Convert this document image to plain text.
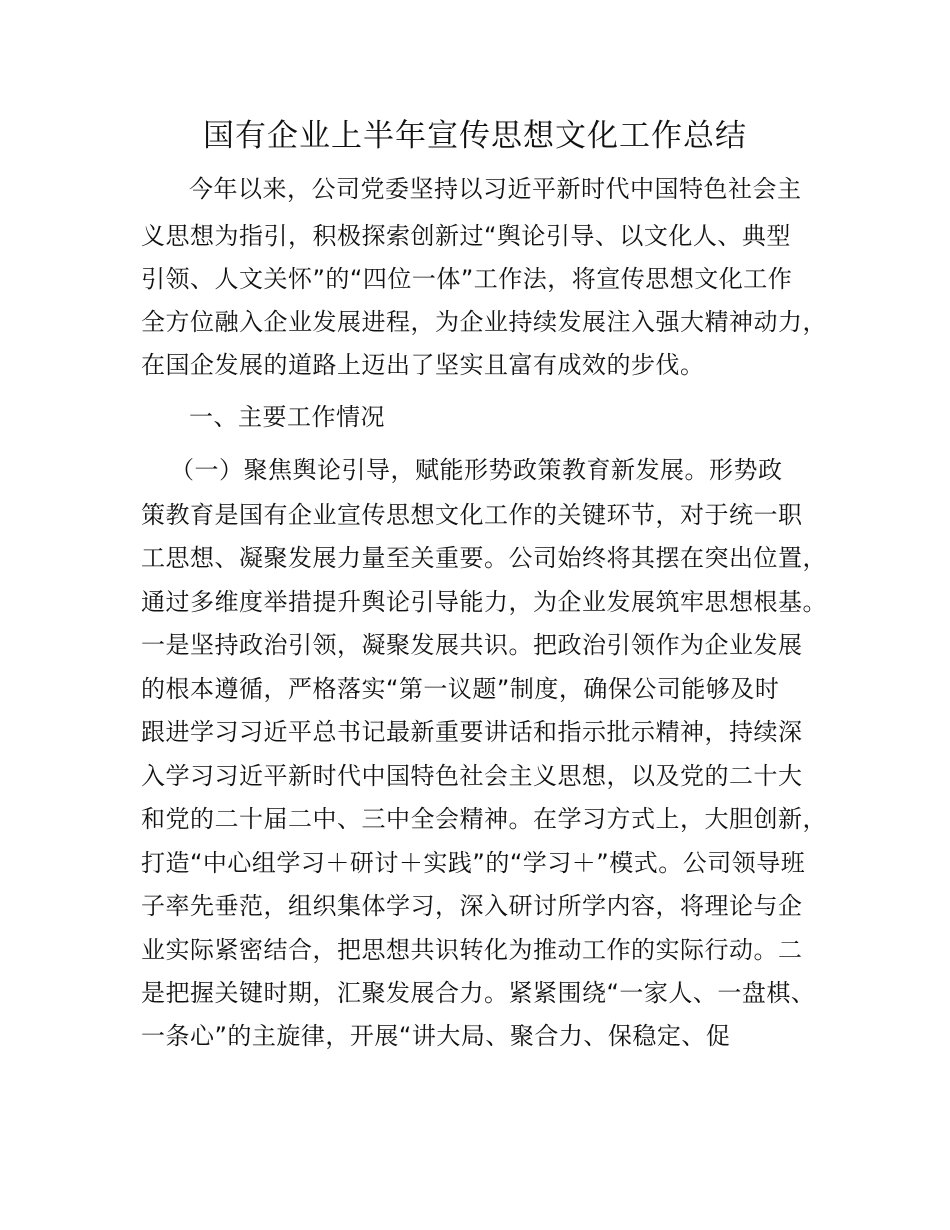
国有企业上半年宣传思想文化工作总结
今年以来，公司党委坚持以习近平新时代中国特色社会主
义思想为指引，积极探索创新过“舆论引导、以文化人、典型
引领、人文关怀”的“四位一体”工作法，将宣传思想文化工作
全方位融入企业发展进程，为企业持续发展注入强大精神动力，
在国企发展的道路上迈出了坚实且富有成效的步伐。
一、主要工作情况
（一）聚焦舆论引导，赋能形势政策教育新发展。形势政
策教育是国有企业宣传思想文化工作的关键环节，对于统一职
工思想、凝聚发展力量至关重要。公司始终将其摆在突出位置，
通过多维度举措提升舆论引导能力，为企业发展筑牢思想根基。
一是坚持政治引领，凝聚发展共识。把政治引领作为企业发展
的根本遵循，严格落实“第一议题”制度，确保公司能够及时
跟进学习习近平总书记最新重要讲话和指示批示精神，持续深
入学习习近平新时代中国特色社会主义思想，以及党的二十大
和党的二十届二中、三中全会精神。在学习方式上，大胆创新，
打造“中心组学习＋研讨＋实践”的“学习＋”模式。公司领导班
子率先垂范，组织集体学习，深入研讨所学内容，将理论与企
业实际紧密结合，把思想共识转化为推动工作的实际行动。二
是把握关键时期，汇聚发展合力。紧紧围绕“一家人、一盘棋、
一条心”的主旋律，开展“讲大局、聚合力、保稳定、促
